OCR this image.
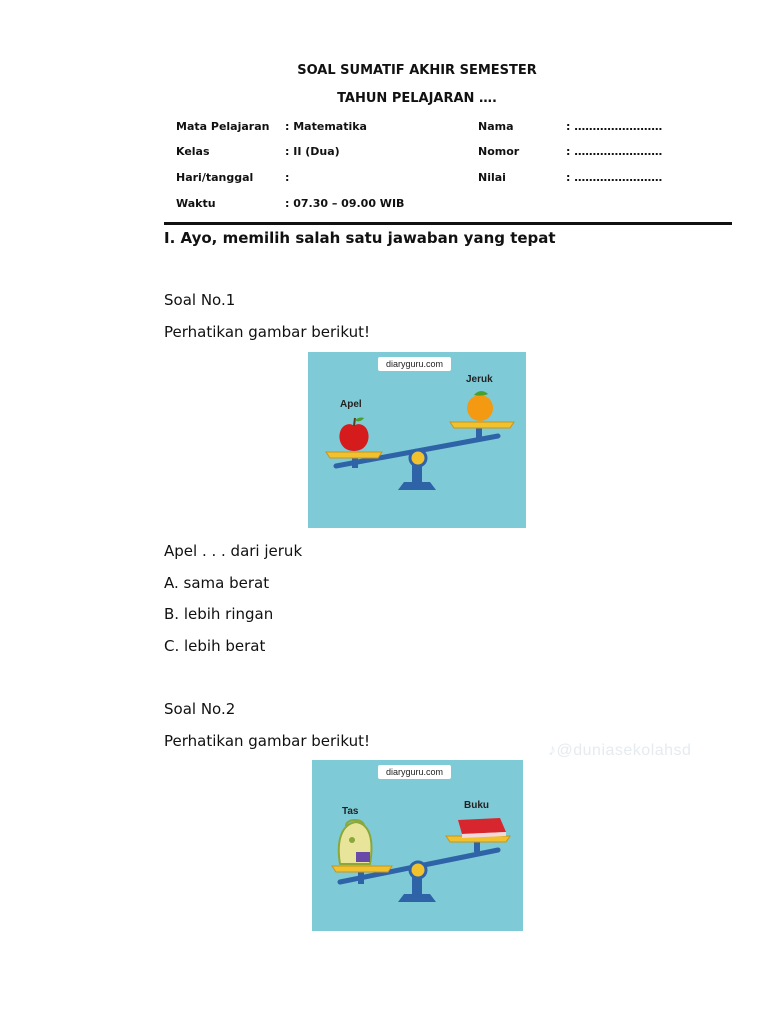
SOAL SUMATIF AKHIR SEMESTER
TAHUN PELAJARAN ….
Mata Pelajaran : Matematika	Nama	: ……………………
Kelas	: II (Dua)	Nomor	: ……………………
Hari/tanggal	:	Nilai	: ……………………
Waktu	: 07.30 – 09.00 WIB
I. Ayo, memilih salah satu jawaban yang tepat
Soal No.1
Perhatikan gambar berikut!
diaryguru.com
Apel
Jeruk
Apel . . . dari jeruk
A. sama berat
B. lebih ringan
C. lebih berat
Soal No.2
Perhatikan gambar berikut!
♪@duniasekolahsd
diaryguru.com
Tas
Buku
